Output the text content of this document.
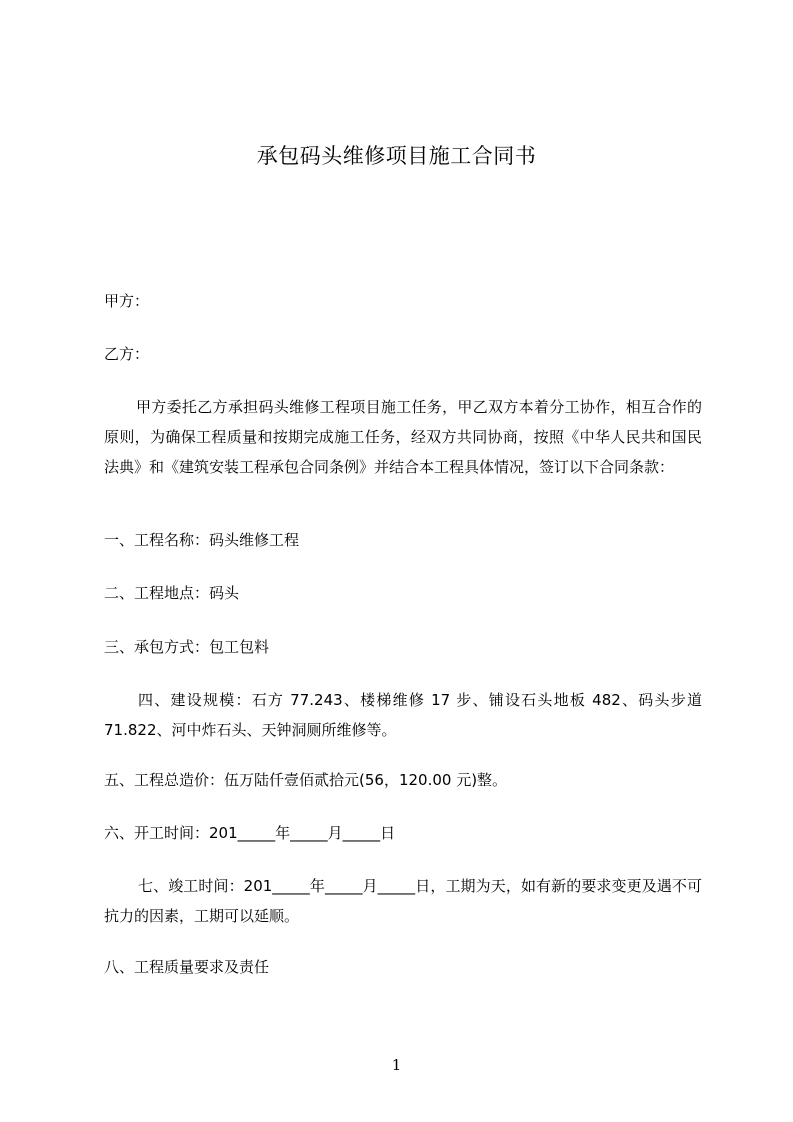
承包码头维修项目施工合同书
甲方：
乙方：
甲方委托乙方承担码头维修工程项目施工任务，甲乙双方本着分工协作，相互合作的原则，为确保工程质量和按期完成施工任务，经双方共同协商，按照《中华人民共和国民法典》和《建筑安装工程承包合同条例》并结合本工程具体情况，签订以下合同条款：
一、工程名称：码头维修工程
二、工程地点：码头
三、承包方式：包工包料
四、建设规模：石方 77.243、楼梯维修 17 步、铺设石头地板 482、码头步道 71.822、河中炸石头、天钟洞厕所维修等。
五、工程总造价：伍万陆仟壹佰贰拾元(56，120.00 元)整。
六、开工时间：201_____年_____月_____日
七、竣工时间：201_____年_____月_____日，工期为天，如有新的要求变更及遇不可抗力的因素，工期可以延顺。
八、工程质量要求及责任
1
